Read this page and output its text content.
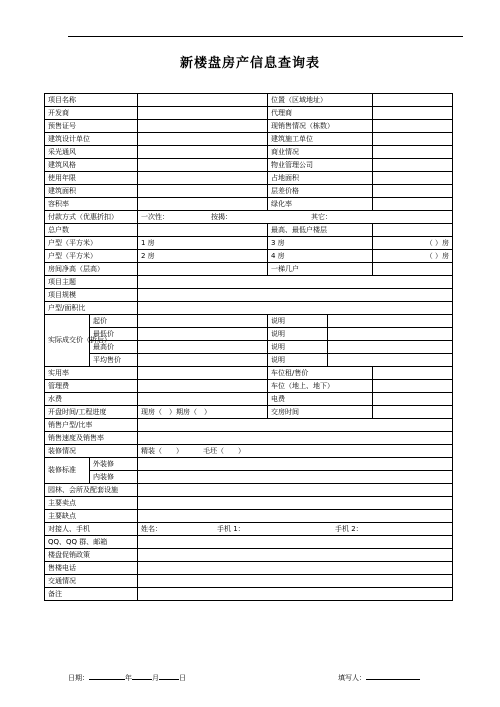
新楼盘房产信息查询表
项目名称			位置（区域地址）		
开发商			代理商		
预售证号			现销售情况（栋数）		
建筑设计单位			建筑施工单位		
采光通风			商业情况		
建筑风格			物业管理公司		
使用年限			占地面积		
建筑面积			层差价格		
容积率			绿化率		
付款方式（优惠折扣）		一次性： 按揭： 其它：			
总户数			最高、最低户楼层		
户型（平方米）		1 房	3 房		（ ）房
户型（平方米）		2 房	4 房		（ ）房
房间净高（层高）			一梯几户		
项目主题					
项目规模					
户型/面积比					
实际成交价（折后）	起价		说明		
	最低价		说明		
	最高价		说明		
	平均售价		说明		
实用率			车位租/售价		
管理费			车位（地上、地下）		
水费			电费		
开盘时间/工程进度		现房（　）期房（　）	交房时间		
销售户型/比率					
销售速度及销售率					
装修情况		精装（　　） 毛坯（　　）			
装修标准	外装修				
	内装修				
园林、会所及配套设施					
主要卖点					
主要缺点					
对接人、手机		姓名： 手机 1： 手机 2：			
QQ、QQ 群、邮箱					
楼盘促销政策					
售楼电话					
交通情况					
备注					
日期：	年	月	日	填写人：
